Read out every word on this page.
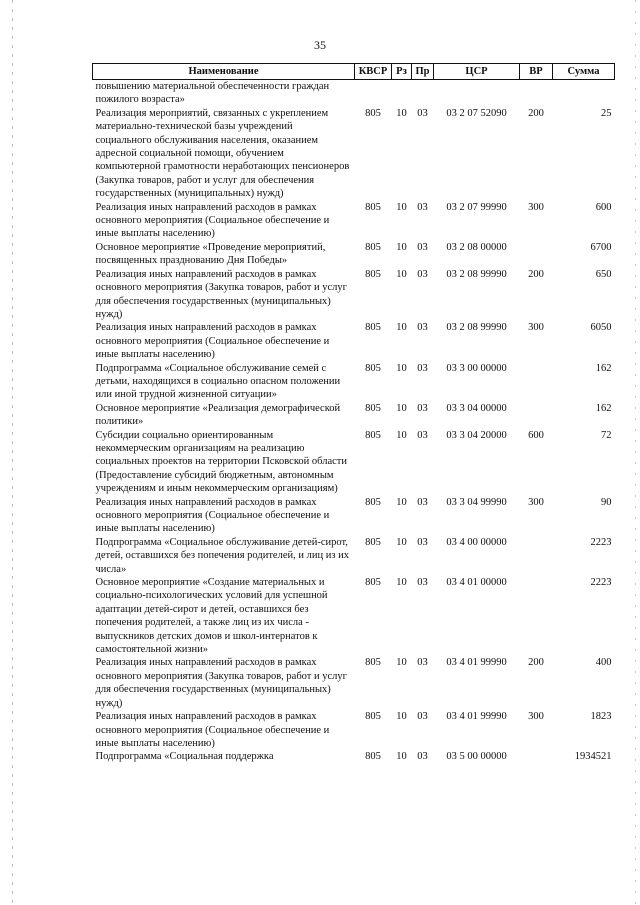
35
Наименование	КВСР	Рз	Пр	ЦСР	ВР	Сумма
повышению материальной обеспеченности граждан пожилого возраста»						
Реализация мероприятий, связанных с укреплением материально-технической базы учреждений социального обслуживания населения, оказанием адресной социальной помощи, обучением компьютерной грамотности неработающих пенсионеров (Закупка товаров, работ и услуг для обеспечения государственных (муниципальных) нужд)	805	10	03	03 2 07 52090	200	25
Реализация иных направлений расходов в рамках основного мероприятия (Социальное обеспечение и иные выплаты населению)	805	10	03	03 2 07 99990	300	600
Основное мероприятие «Проведение мероприятий, посвященных празднованию Дня Победы»	805	10	03	03 2 08 00000		6700
Реализация иных направлений расходов в рамках основного мероприятия (Закупка товаров, работ и услуг для обеспечения государственных (муниципальных) нужд)	805	10	03	03 2 08 99990	200	650
Реализация иных направлений расходов в рамках основного мероприятия (Социальное обеспечение и иные выплаты населению)	805	10	03	03 2 08 99990	300	6050
Подпрограмма «Социальное обслуживание семей с детьми, находящихся в социально опасном положении или иной трудной жизненной ситуации»	805	10	03	03 3 00 00000		162
Основное мероприятие «Реализация демографической политики»	805	10	03	03 3 04 00000		162
Субсидии социально ориентированным некоммерческим организациям на реализацию социальных проектов на территории Псковской области (Предоставление субсидий бюджетным, автономным учреждениям и иным некоммерческим организациям)	805	10	03	03 3 04 20000	600	72
Реализация иных направлений расходов в рамках основного мероприятия (Социальное обеспечение и иные выплаты населению)	805	10	03	03 3 04 99990	300	90
Подпрограмма «Социальное обслуживание детей-сирот, детей, оставшихся без попечения родителей, и лиц из их числа»	805	10	03	03 4 00 00000		2223
Основное мероприятие «Создание материальных и социально-психологических условий для успешной адаптации детей-сирот и детей, оставшихся без попечения родителей, а также лиц из их числа - выпускников детских домов и школ-интернатов к самостоятельной жизни»	805	10	03	03 4 01 00000		2223
Реализация иных направлений расходов в рамках основного мероприятия (Закупка товаров, работ и услуг для обеспечения государственных (муниципальных) нужд)	805	10	03	03 4 01 99990	200	400
Реализация иных направлений расходов в рамках основного мероприятия (Социальное обеспечение и иные выплаты населению)	805	10	03	03 4 01 99990	300	1823
Подпрограмма «Социальная поддержка	805	10	03	03 5 00 00000		1934521
